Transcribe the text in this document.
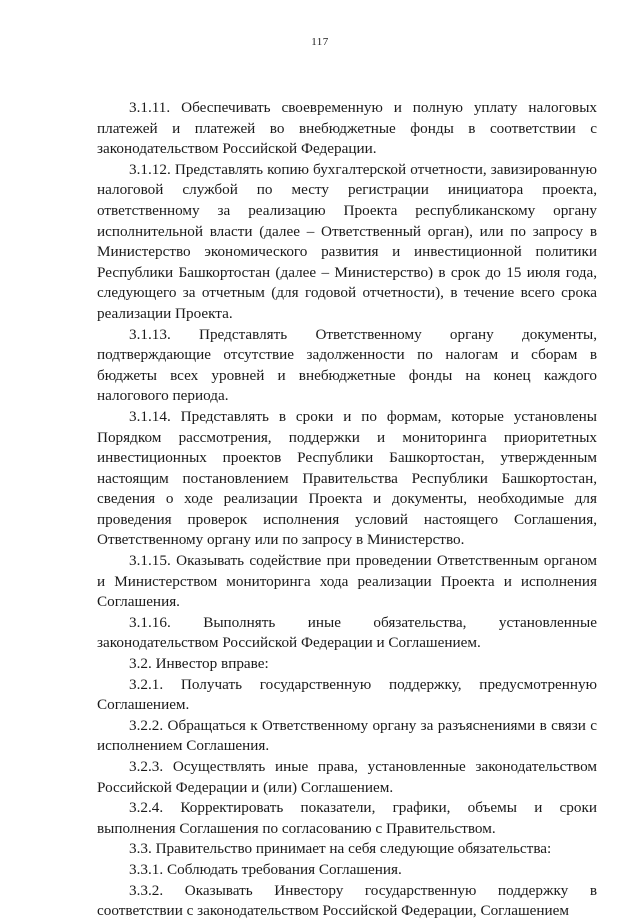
117

3.1.11. Обеспечивать своевременную и полную уплату налоговых платежей и платежей во внебюджетные фонды в соответствии с законодательством Российской Федерации.

3.1.12. Представлять копию бухгалтерской отчетности, завизированную налоговой службой по месту регистрации инициатора проекта, ответственному за реализацию Проекта республиканскому органу исполнительной власти (далее – Ответственный орган), или по запросу в Министерство экономического развития и инвестиционной политики Республики Башкортостан (далее – Министерство) в срок до 15 июля года, следующего за отчетным (для годовой отчетности), в течение всего срока реализации Проекта.

3.1.13. Представлять Ответственному органу документы, подтверждающие отсутствие задолженности по налогам и сборам в бюджеты всех уровней и внебюджетные фонды на конец каждого налогового периода.

3.1.14. Представлять в сроки и по формам, которые установлены Порядком рассмотрения, поддержки и мониторинга приоритетных инвестиционных проектов Республики Башкортостан, утвержденным настоящим постановлением Правительства Республики Башкортостан, сведения о ходе реализации Проекта и документы, необходимые для проведения проверок исполнения условий настоящего Соглашения, Ответственному органу или по запросу в Министерство.

3.1.15. Оказывать содействие при проведении Ответственным органом и Министерством мониторинга хода реализации Проекта и исполнения Соглашения.

3.1.16. Выполнять иные обязательства, установленные законодательством Российской Федерации и Соглашением.

3.2. Инвестор вправе:

3.2.1. Получать государственную поддержку, предусмотренную Соглашением.

3.2.2. Обращаться к Ответственному органу за разъяснениями в связи с исполнением Соглашения.

3.2.3. Осуществлять иные права, установленные законодательством Российской Федерации и (или) Соглашением.

3.2.4. Корректировать показатели, графики, объемы и сроки выполнения Соглашения по согласованию с Правительством.

3.3. Правительство принимает на себя следующие обязательства:

3.3.1. Соблюдать требования Соглашения.

3.3.2. Оказывать Инвестору государственную поддержку в соответствии с законодательством Российской Федерации, Соглашением
